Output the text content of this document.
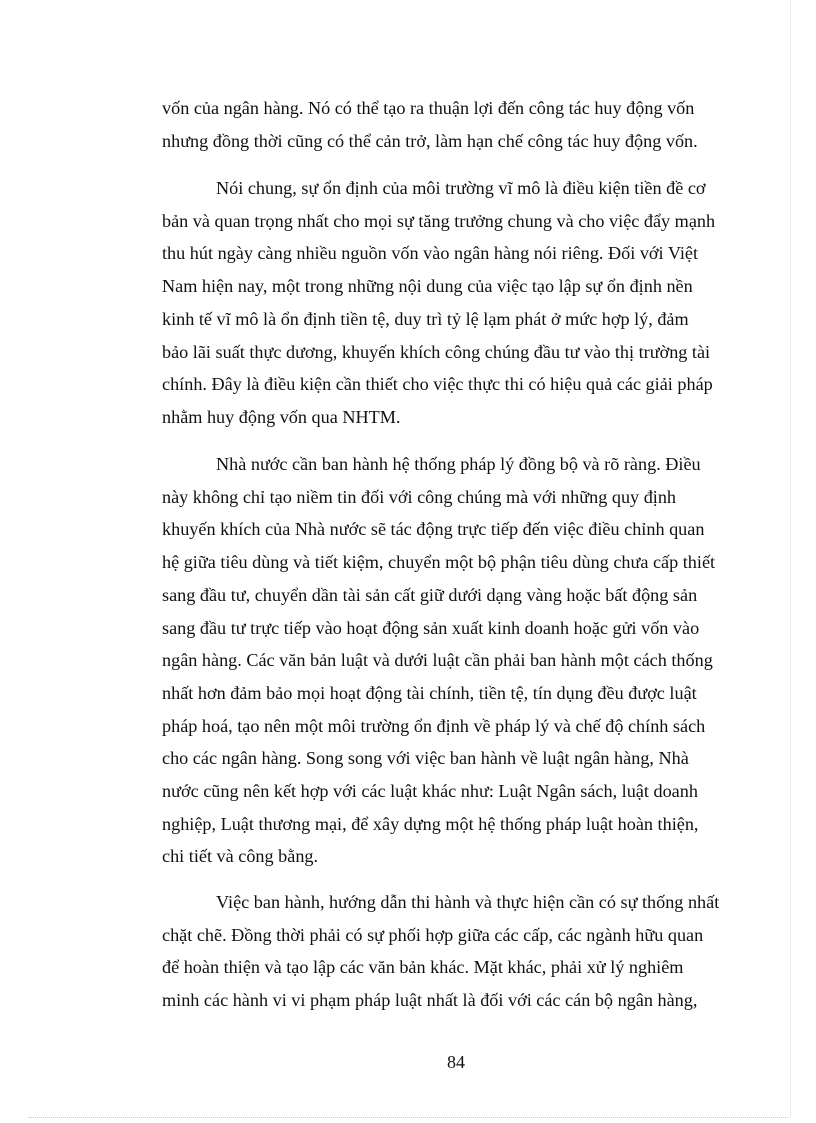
vốn của ngân hàng. Nó có thể tạo ra thuận lợi đến công tác huy động vốn
nhưng đồng thời cũng có thể cản trở, làm hạn chế công tác huy động vốn.

Nói chung, sự ổn định của môi trường vĩ mô là điều kiện tiền đề cơ
bản và quan trọng nhất cho mọi sự tăng trưởng chung và cho việc đẩy mạnh
thu hút ngày càng nhiều nguồn vốn vào ngân hàng nói riêng. Đối với Việt
Nam hiện nay, một trong những nội dung của việc tạo lập sự ổn định nền
kinh tế vĩ mô là ổn định tiền tệ, duy trì tỷ lệ lạm phát ở mức hợp lý, đảm
bảo lãi suất thực dương, khuyến khích công chúng đầu tư vào thị trường tài
chính. Đây là điều kiện cần thiết cho việc thực thi có hiệu quả các giải pháp
nhằm huy động vốn qua NHTM.

Nhà nước cần ban hành hệ thống pháp lý đồng bộ và rõ ràng. Điều
này không chỉ tạo niềm tin đối với công chúng mà với những quy định
khuyến khích của Nhà nước sẽ tác động trực tiếp đến việc điều chỉnh quan
hệ giữa tiêu dùng và tiết kiệm, chuyển một bộ phận tiêu dùng chưa cấp thiết
sang đầu tư, chuyển dần tài sản cất giữ dưới dạng vàng hoặc bất động sản
sang đầu tư trực tiếp vào hoạt động sản xuất kinh doanh hoặc gửi vốn vào
ngân hàng. Các văn bản luật và dưới luật cần phải ban hành một cách thống
nhất hơn đảm bảo mọi hoạt động tài chính, tiền tệ, tín dụng đều được luật
pháp hoá, tạo nên một môi trường ổn định về pháp lý và chế độ chính sách
cho các ngân hàng. Song song với việc ban hành về luật ngân hàng, Nhà
nước cũng nên kết hợp với các luật khác như: Luật Ngân sách, luật doanh
nghiệp, Luật thương mại, để xây dựng một hệ thống pháp luật hoàn thiện,
chi tiết và công bằng.

Việc ban hành, hướng dẫn thi hành và thực hiện cần có sự thống nhất
chặt chẽ. Đồng thời phải có sự phối hợp giữa các cấp, các ngành hữu quan
để hoàn thiện và tạo lập các văn bản khác. Mặt khác, phải xử lý nghiêm
minh các hành vi vi phạm pháp luật nhất là đối với các cán bộ ngân hàng,

84
